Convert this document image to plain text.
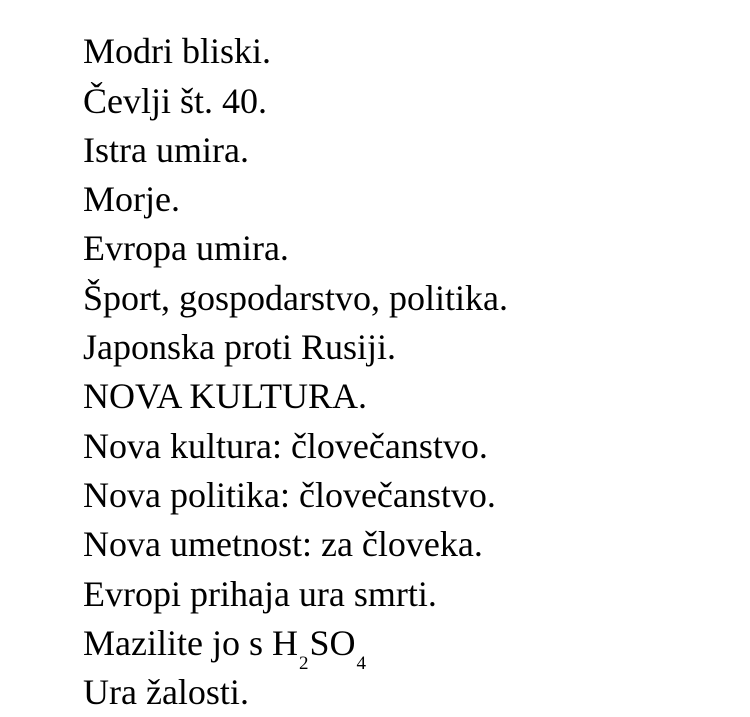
Modri bliski.
Čevlji št. 40.
Istra umira.
Morje.
Evropa umira.
Šport, gospodarstvo, politika.
Japonska proti Rusiji.
NOVA KULTURA.
Nova kultura: človečanstvo.
Nova politika: človečanstvo.
Nova umetnost: za človeka.
Evropi prihaja ura smrti.
Mazilite jo s $H_2SO_4$
Ura žalosti.
